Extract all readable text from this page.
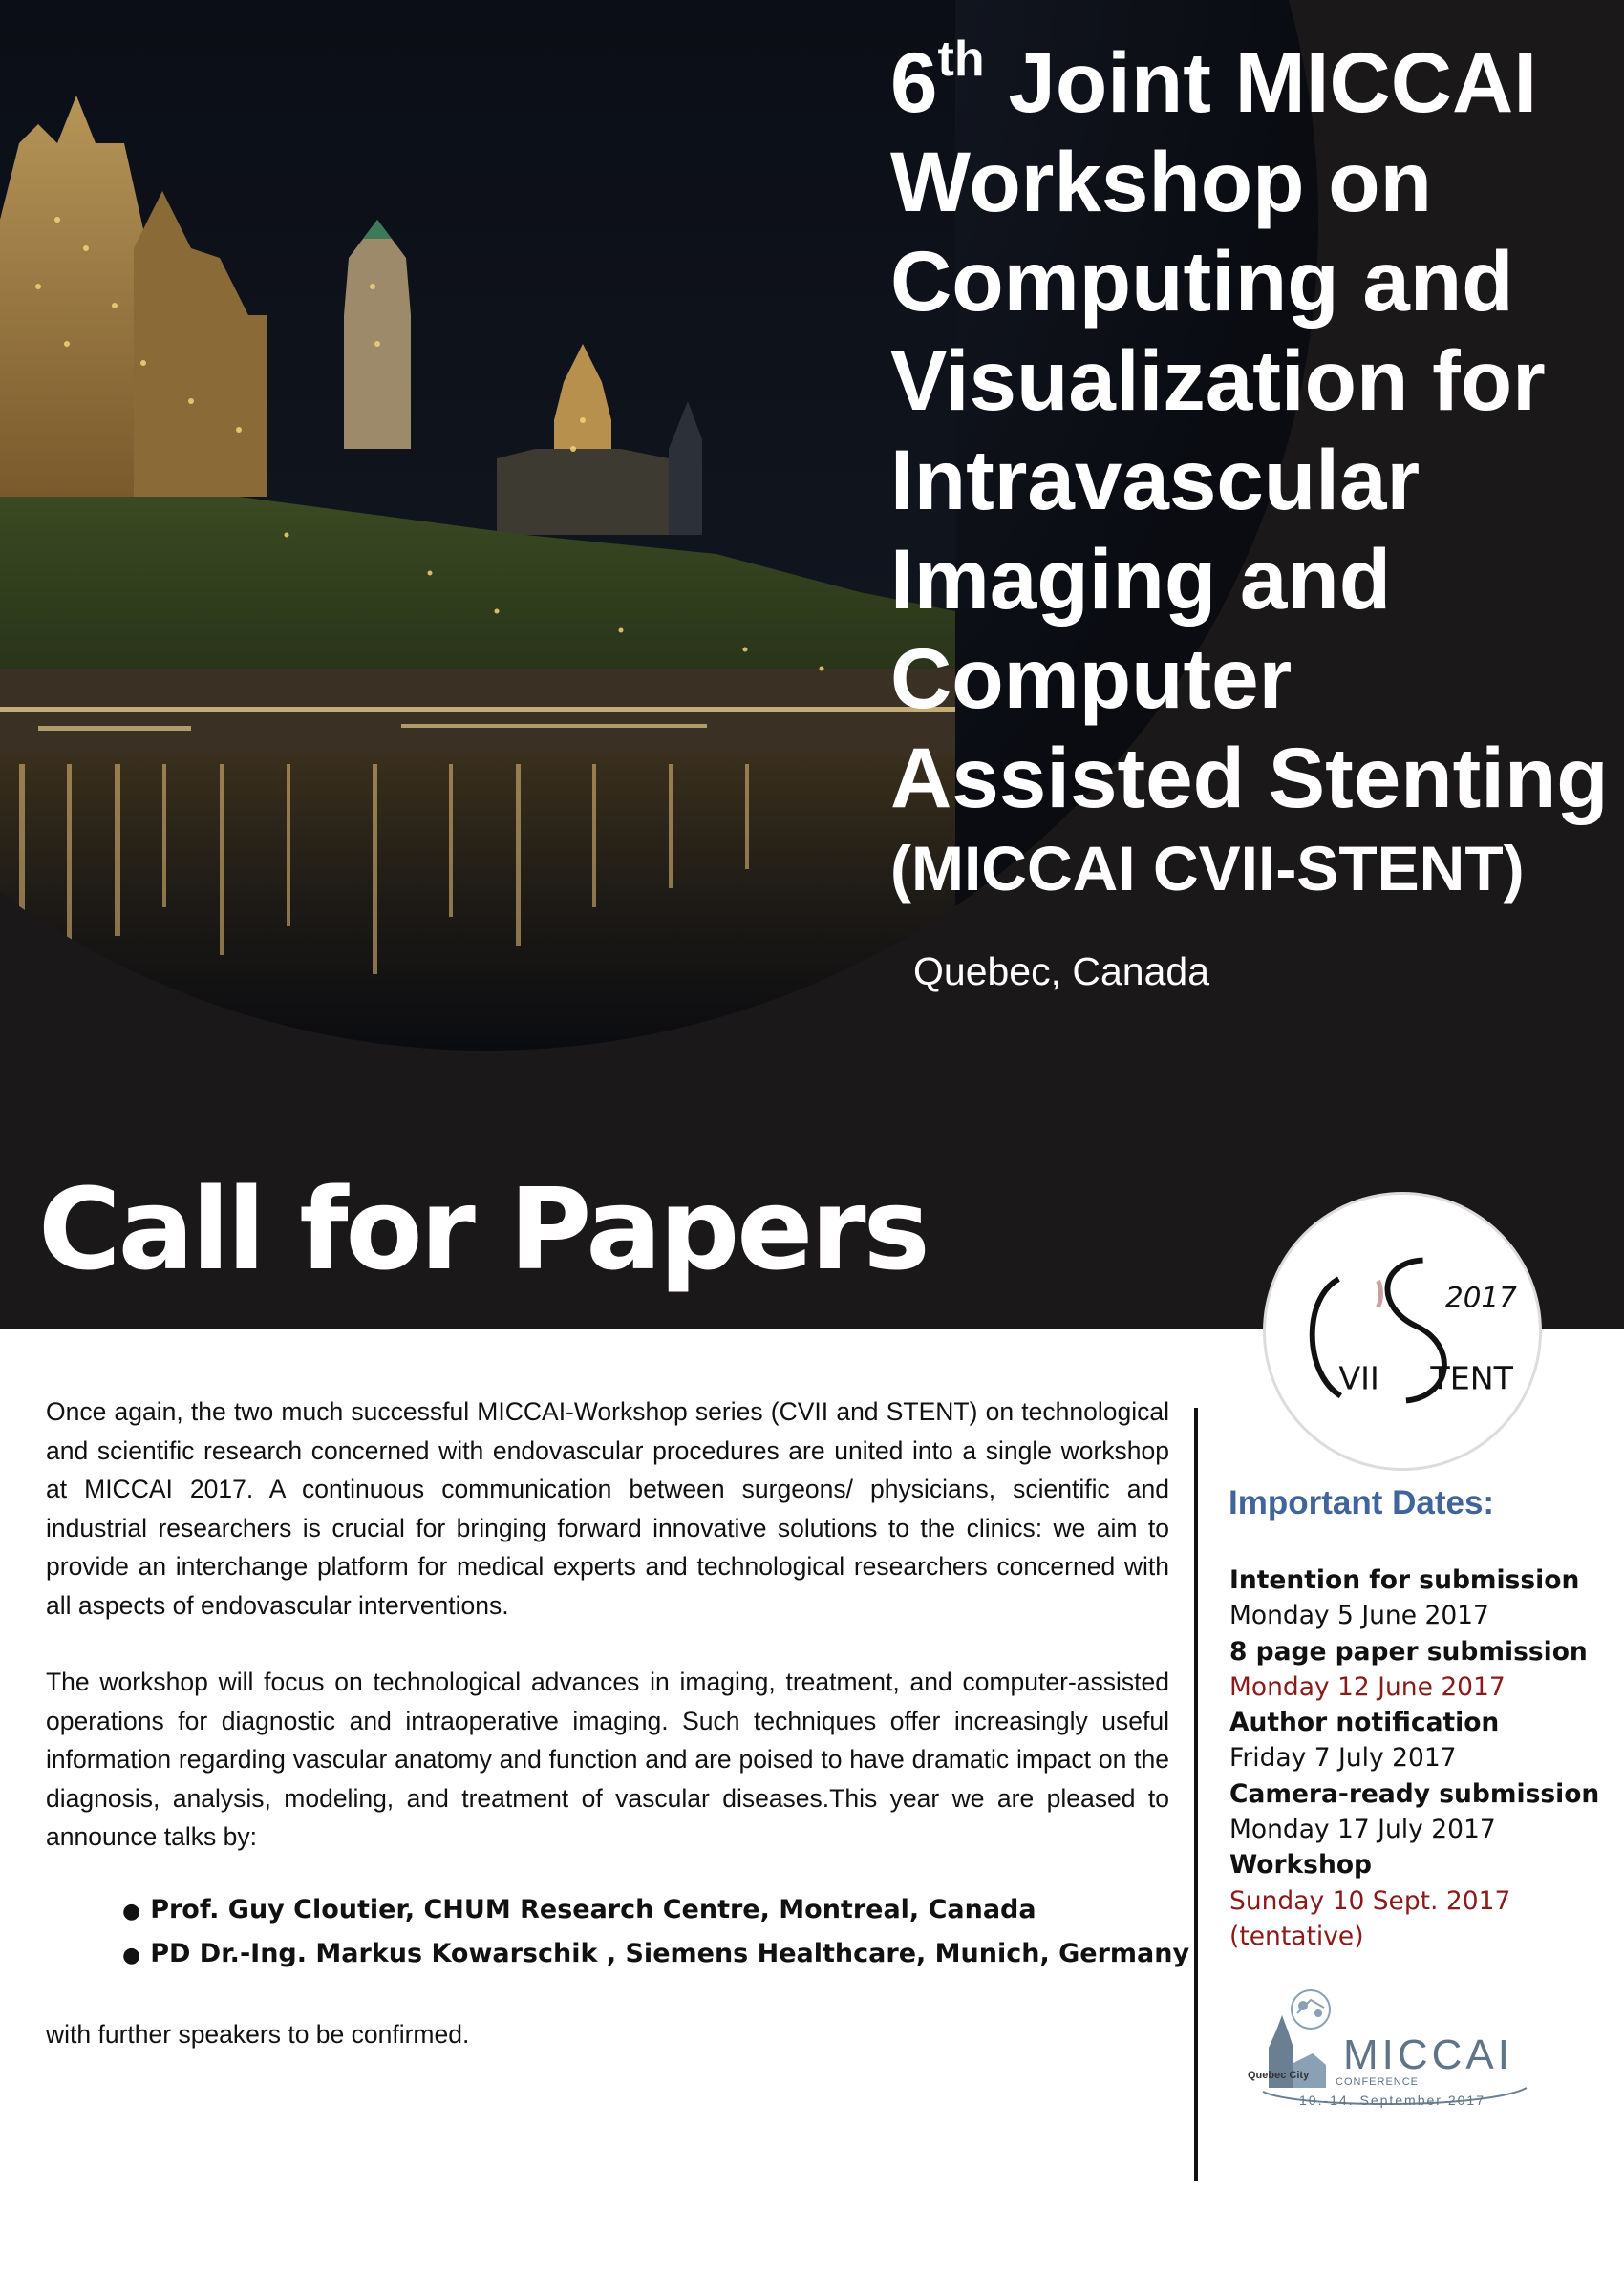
6th Joint MICCAI
Workshop on
Computing and
Visualization for
Intravascular
Imaging and
Computer
Assisted Stenting
(MICCAI CVII-STENT)
Quebec, Canada
Call for Papers
2017
VII TENT

Once again, the two much successful MICCAI-Workshop series (CVII and STENT) on technological and scientific research concerned with endovascular procedures are united into a single workshop at MICCAI 2017. A continuous communication between surgeons/ physicians, scientific and industrial researchers is crucial for bringing forward innovative solutions to the clinics: we aim to provide an interchange platform for medical experts and technological researchers concerned with all aspects of endovascular interventions.

The workshop will focus on technological advances in imaging, treatment, and computer-assisted operations for diagnostic and intraoperative imaging. Such techniques offer increasingly useful information regarding vascular anatomy and function and are poised to have dramatic impact on the diagnosis, analysis, modeling, and treatment of vascular diseases.This year we are pleased to announce talks by:

● Prof. Guy Cloutier, CHUM Research Centre, Montreal, Canada
● PD Dr.-Ing. Markus Kowarschik , Siemens Healthcare, Munich, Germany

with further speakers to be confirmed.

Important Dates:
Intention for submission
Monday 5 June 2017
8 page paper submission
Monday 12 June 2017
Author notification
Friday 7 July 2017
Camera-ready submission
Monday 17 July 2017
Workshop
Sunday 10 Sept. 2017
(tentative)
Quebec City MICCAI
CONFERENCE
10.-14. September 2017
